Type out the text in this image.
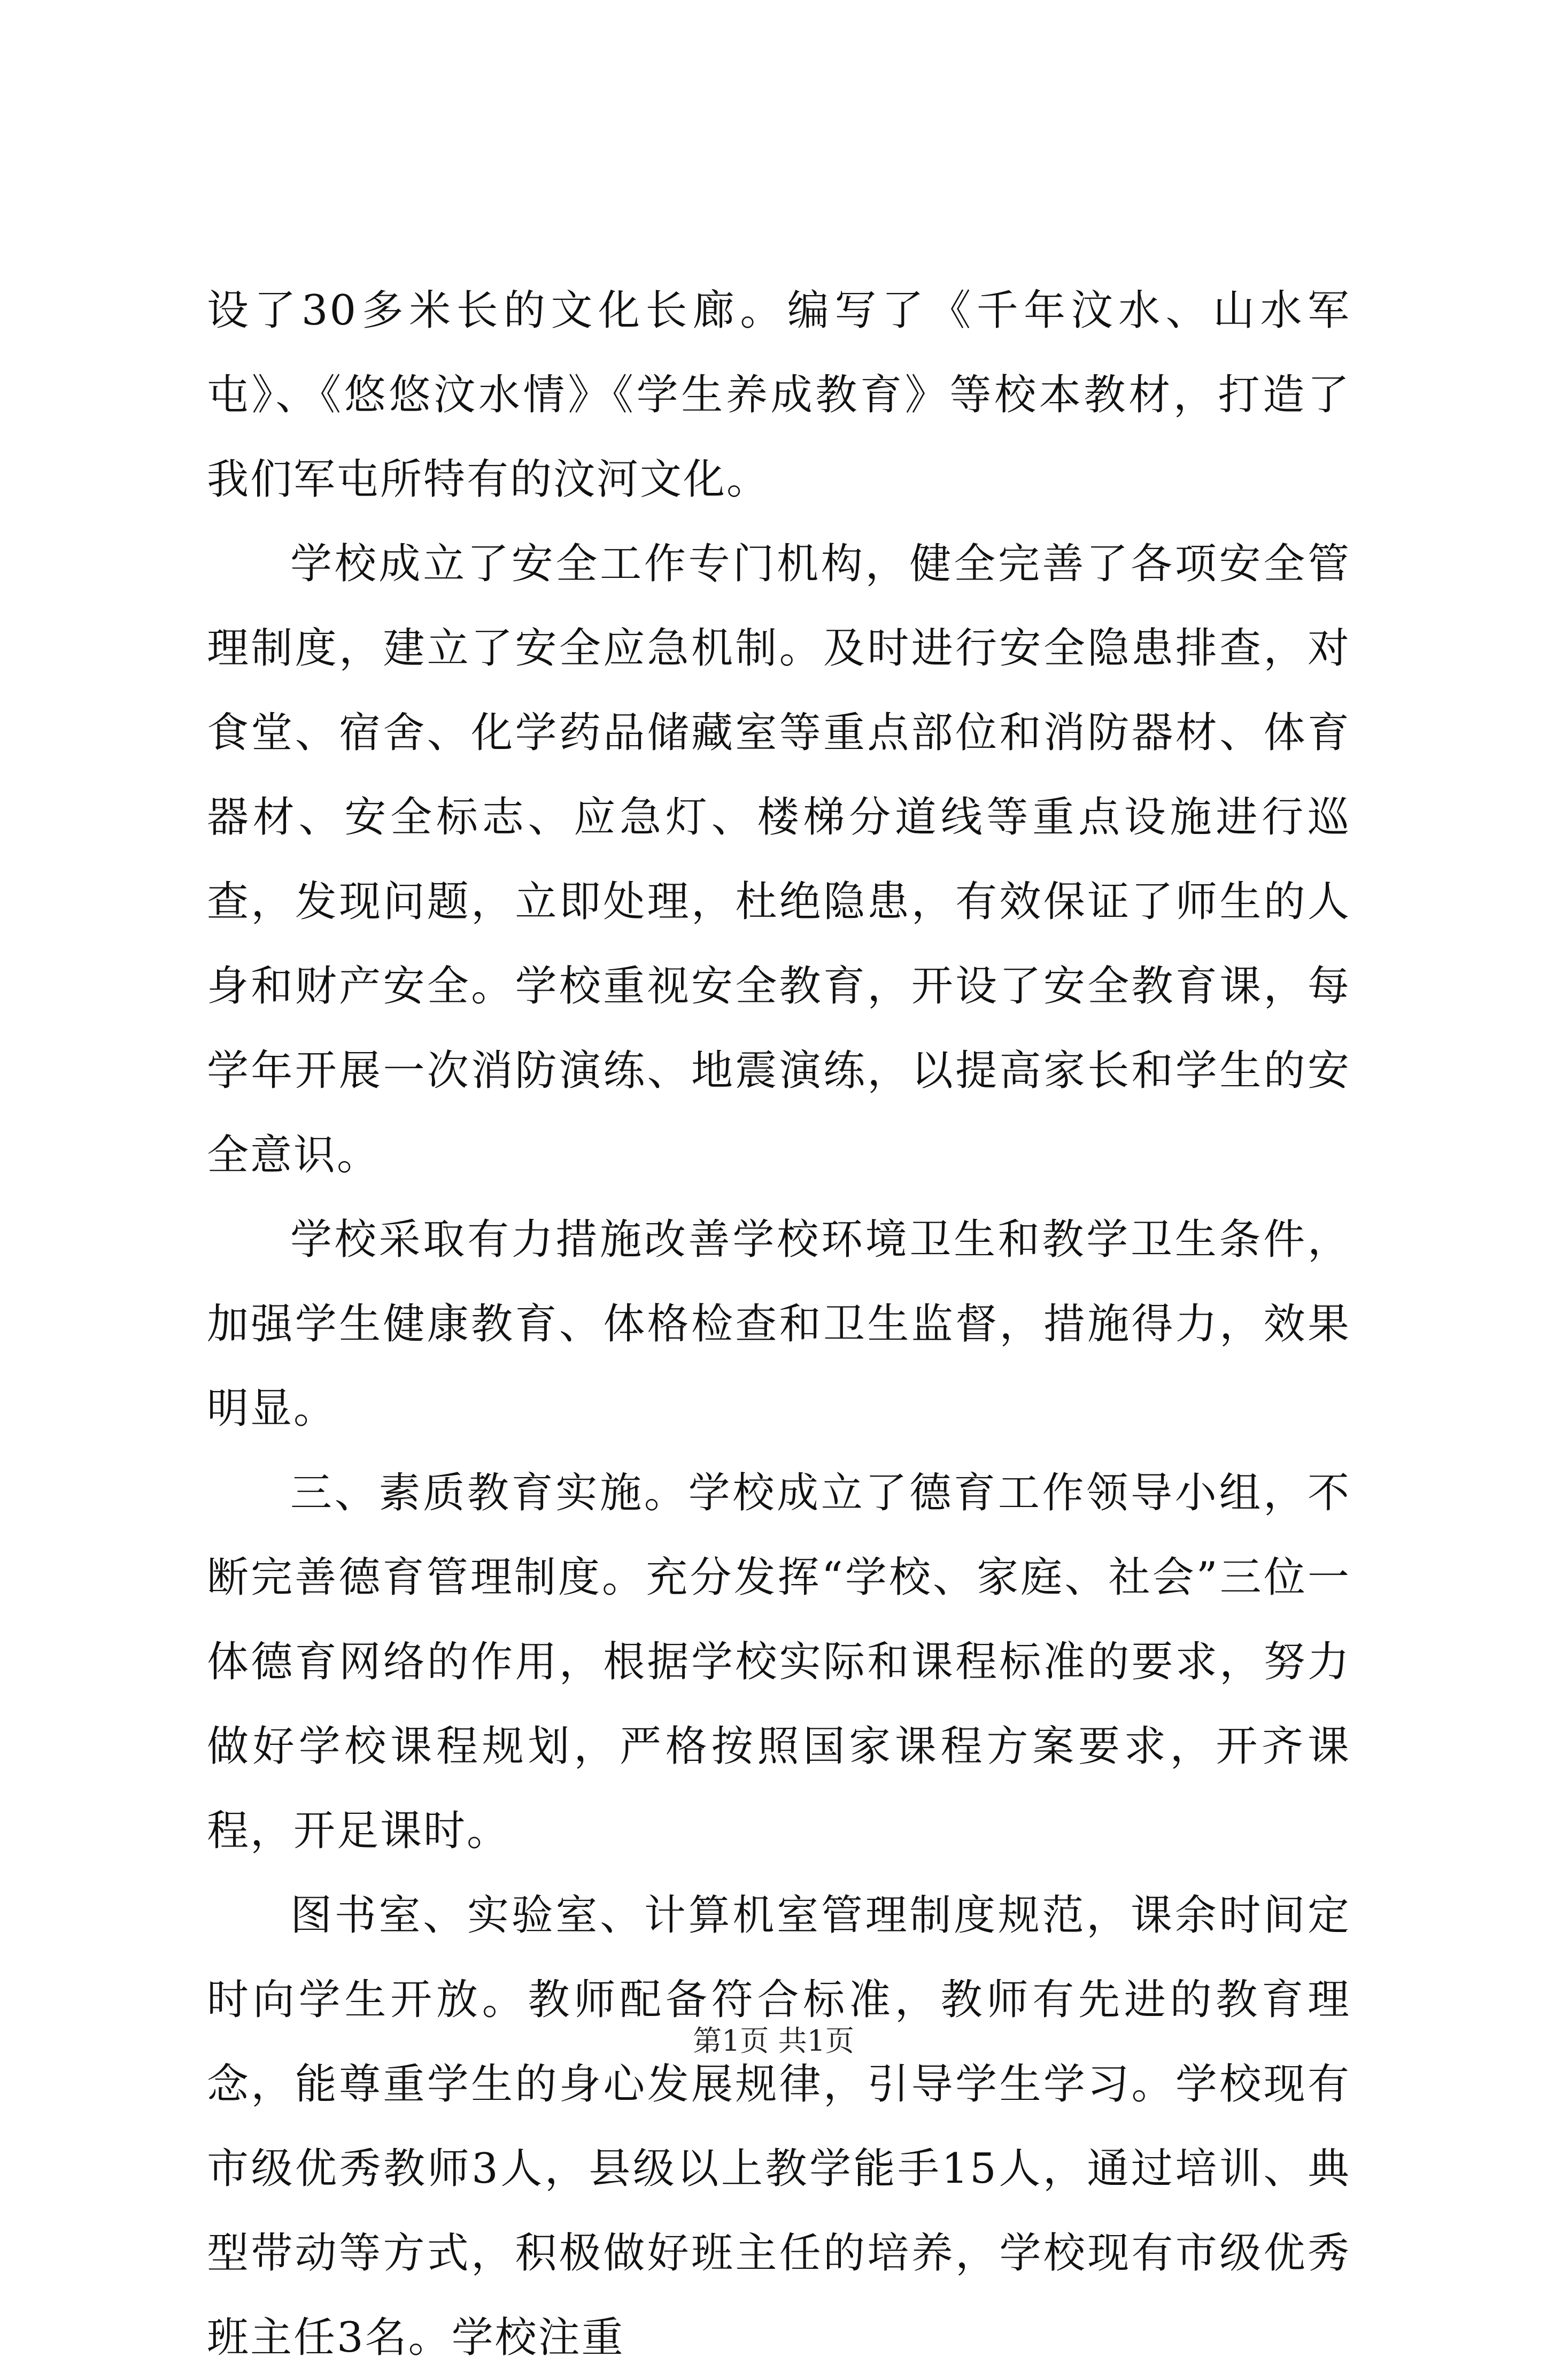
设了30多米长的文化长廊。编写了《千年汶水、山水军屯》、《悠悠汶水情》《学生养成教育》等校本教材，打造了我们军屯所特有的汶河文化。

学校成立了安全工作专门机构，健全完善了各项安全管理制度，建立了安全应急机制。及时进行安全隐患排查，对食堂、宿舍、化学药品储藏室等重点部位和消防器材、体育器材、安全标志、应急灯、楼梯分道线等重点设施进行巡查，发现问题，立即处理，杜绝隐患，有效保证了师生的人身和财产安全。学校重视安全教育，开设了安全教育课，每学年开展一次消防演练、地震演练，以提高家长和学生的安全意识。

学校采取有力措施改善学校环境卫生和教学卫生条件，加强学生健康教育、体格检查和卫生监督，措施得力，效果明显。

三、素质教育实施。学校成立了德育工作领导小组，不断完善德育管理制度。充分发挥“学校、家庭、社会”三位一体德育网络的作用，根据学校实际和课程标准的要求，努力做好学校课程规划，严格按照国家课程方案要求，开齐课程，开足课时。

图书室、实验室、计算机室管理制度规范，课余时间定时向学生开放。教师配备符合标准，教师有先进的教育理念，能尊重学生的身心发展规律，引导学生学习。学校现有市级优秀教师3人，县级以上教学能手15人，通过培训、典型带动等方式，积极做好班主任的培养，学校现有市级优秀班主任3名。学校注重

第1页 共1页
